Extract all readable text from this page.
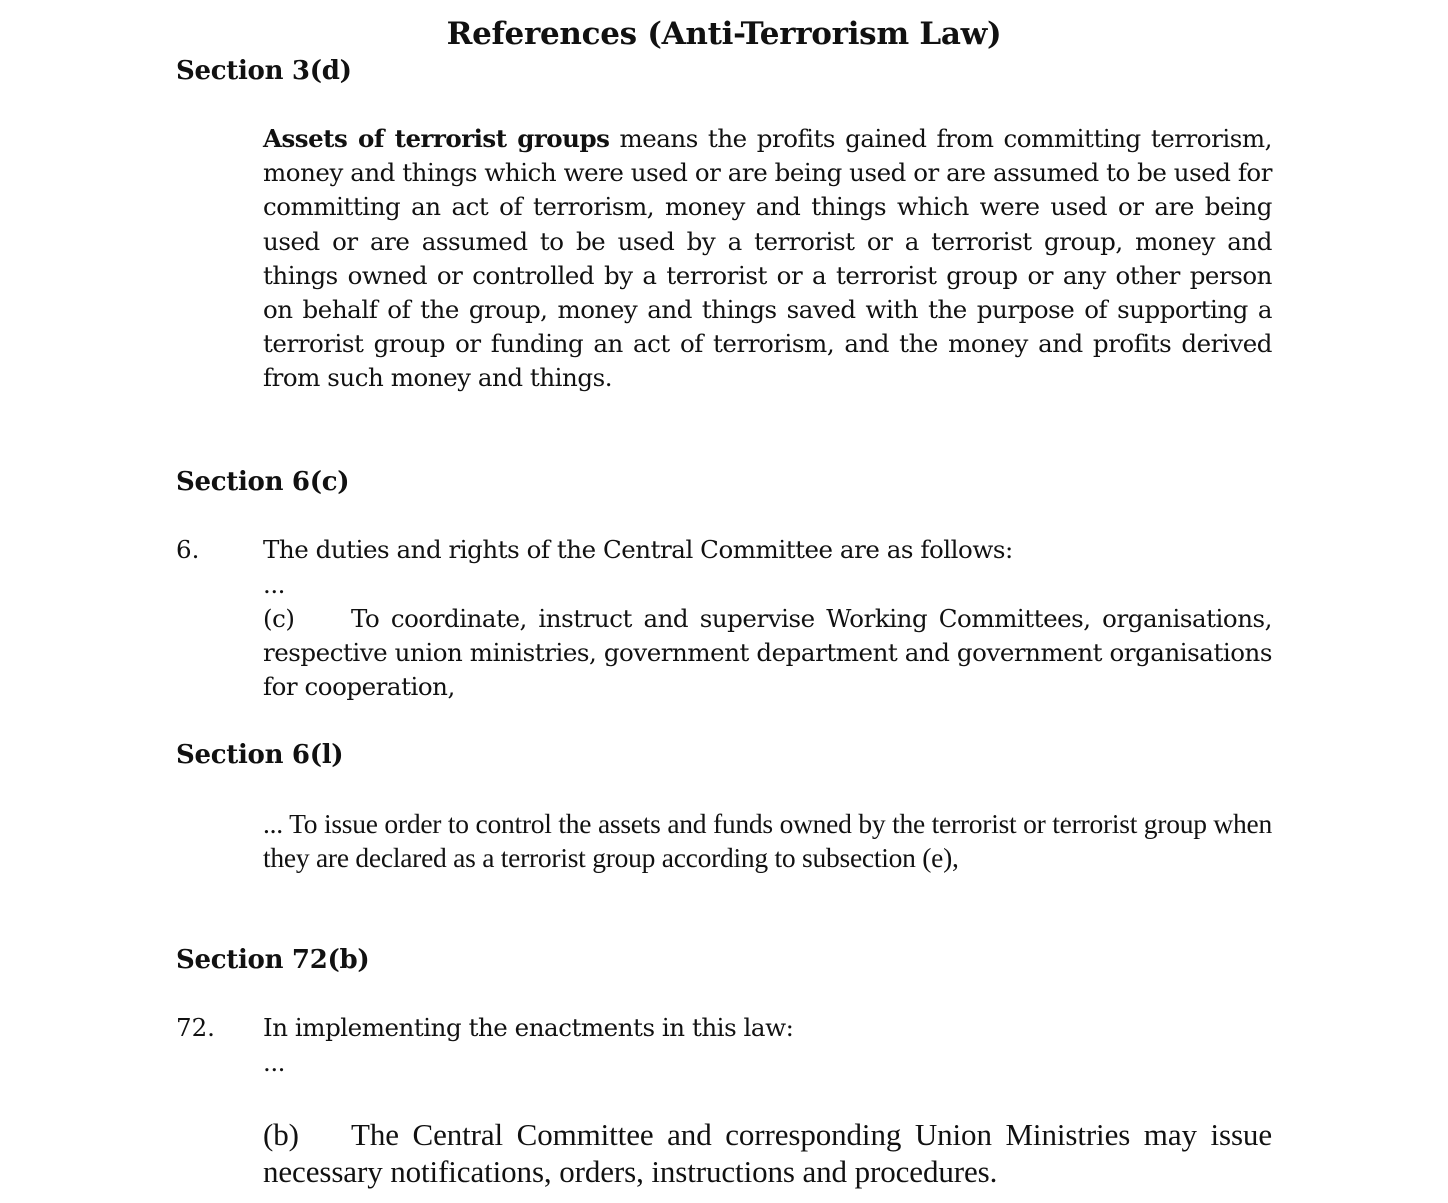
References (Anti-Terrorism Law)
Section 3(d)
Assets of terrorist groups means the profits gained from committing terrorism, money and things which were used or are being used or are assumed to be used for committing an act of terrorism, money and things which were used or are being used or are assumed to be used by a terrorist or a terrorist group, money and things owned or controlled by a terrorist or a terrorist group or any other person on behalf of the group, money and things saved with the purpose of supporting a terrorist group or funding an act of terrorism, and the money and profits derived from such money and things.
Section 6(c)
6.	The duties and rights of the Central Committee are as follows:
...
(c) To coordinate, instruct and supervise Working Committees, organisations, respective union ministries, government department and government organisations for cooperation,
Section 6(l)
... To issue order to control the assets and funds owned by the terrorist or terrorist group when they are declared as a terrorist group according to subsection (e),
Section 72(b)
72. In implementing the enactments in this law:
...
(b) The Central Committee and corresponding Union Ministries may issue necessary notifications, orders, instructions and procedures.
